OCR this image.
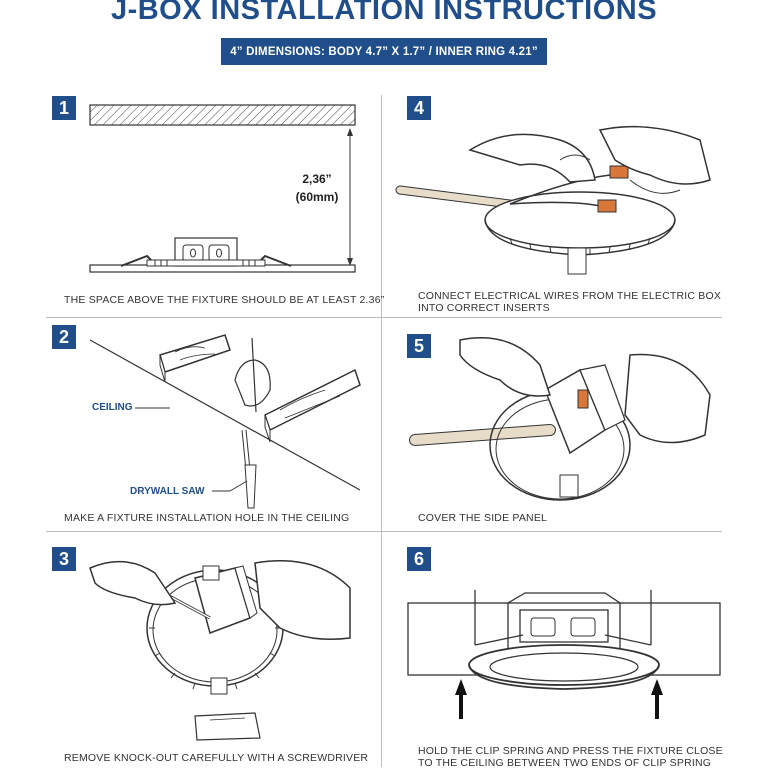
J-BOX INSTALLATION INSTRUCTIONS
4” DIMENSIONS: BODY 4.7” X 1.7” / INNER RING 4.21”
1
2,36”
(60mm)
THE SPACE ABOVE THE FIXTURE SHOULD BE AT LEAST 2.36”
4
CONNECT ELECTRICAL WIRES FROM THE ELECTRIC BOX
INTO CORRECT INSERTS
2
CEILING
DRYWALL SAW
MAKE A FIXTURE INSTALLATION HOLE IN THE CEILING
5
COVER THE SIDE PANEL
3
REMOVE KNOCK-OUT CAREFULLY WITH A SCREWDRIVER
6
HOLD THE CLIP SPRING AND PRESS THE FIXTURE CLOSE
TO THE CEILING BETWEEN TWO ENDS OF CLIP SPRING
